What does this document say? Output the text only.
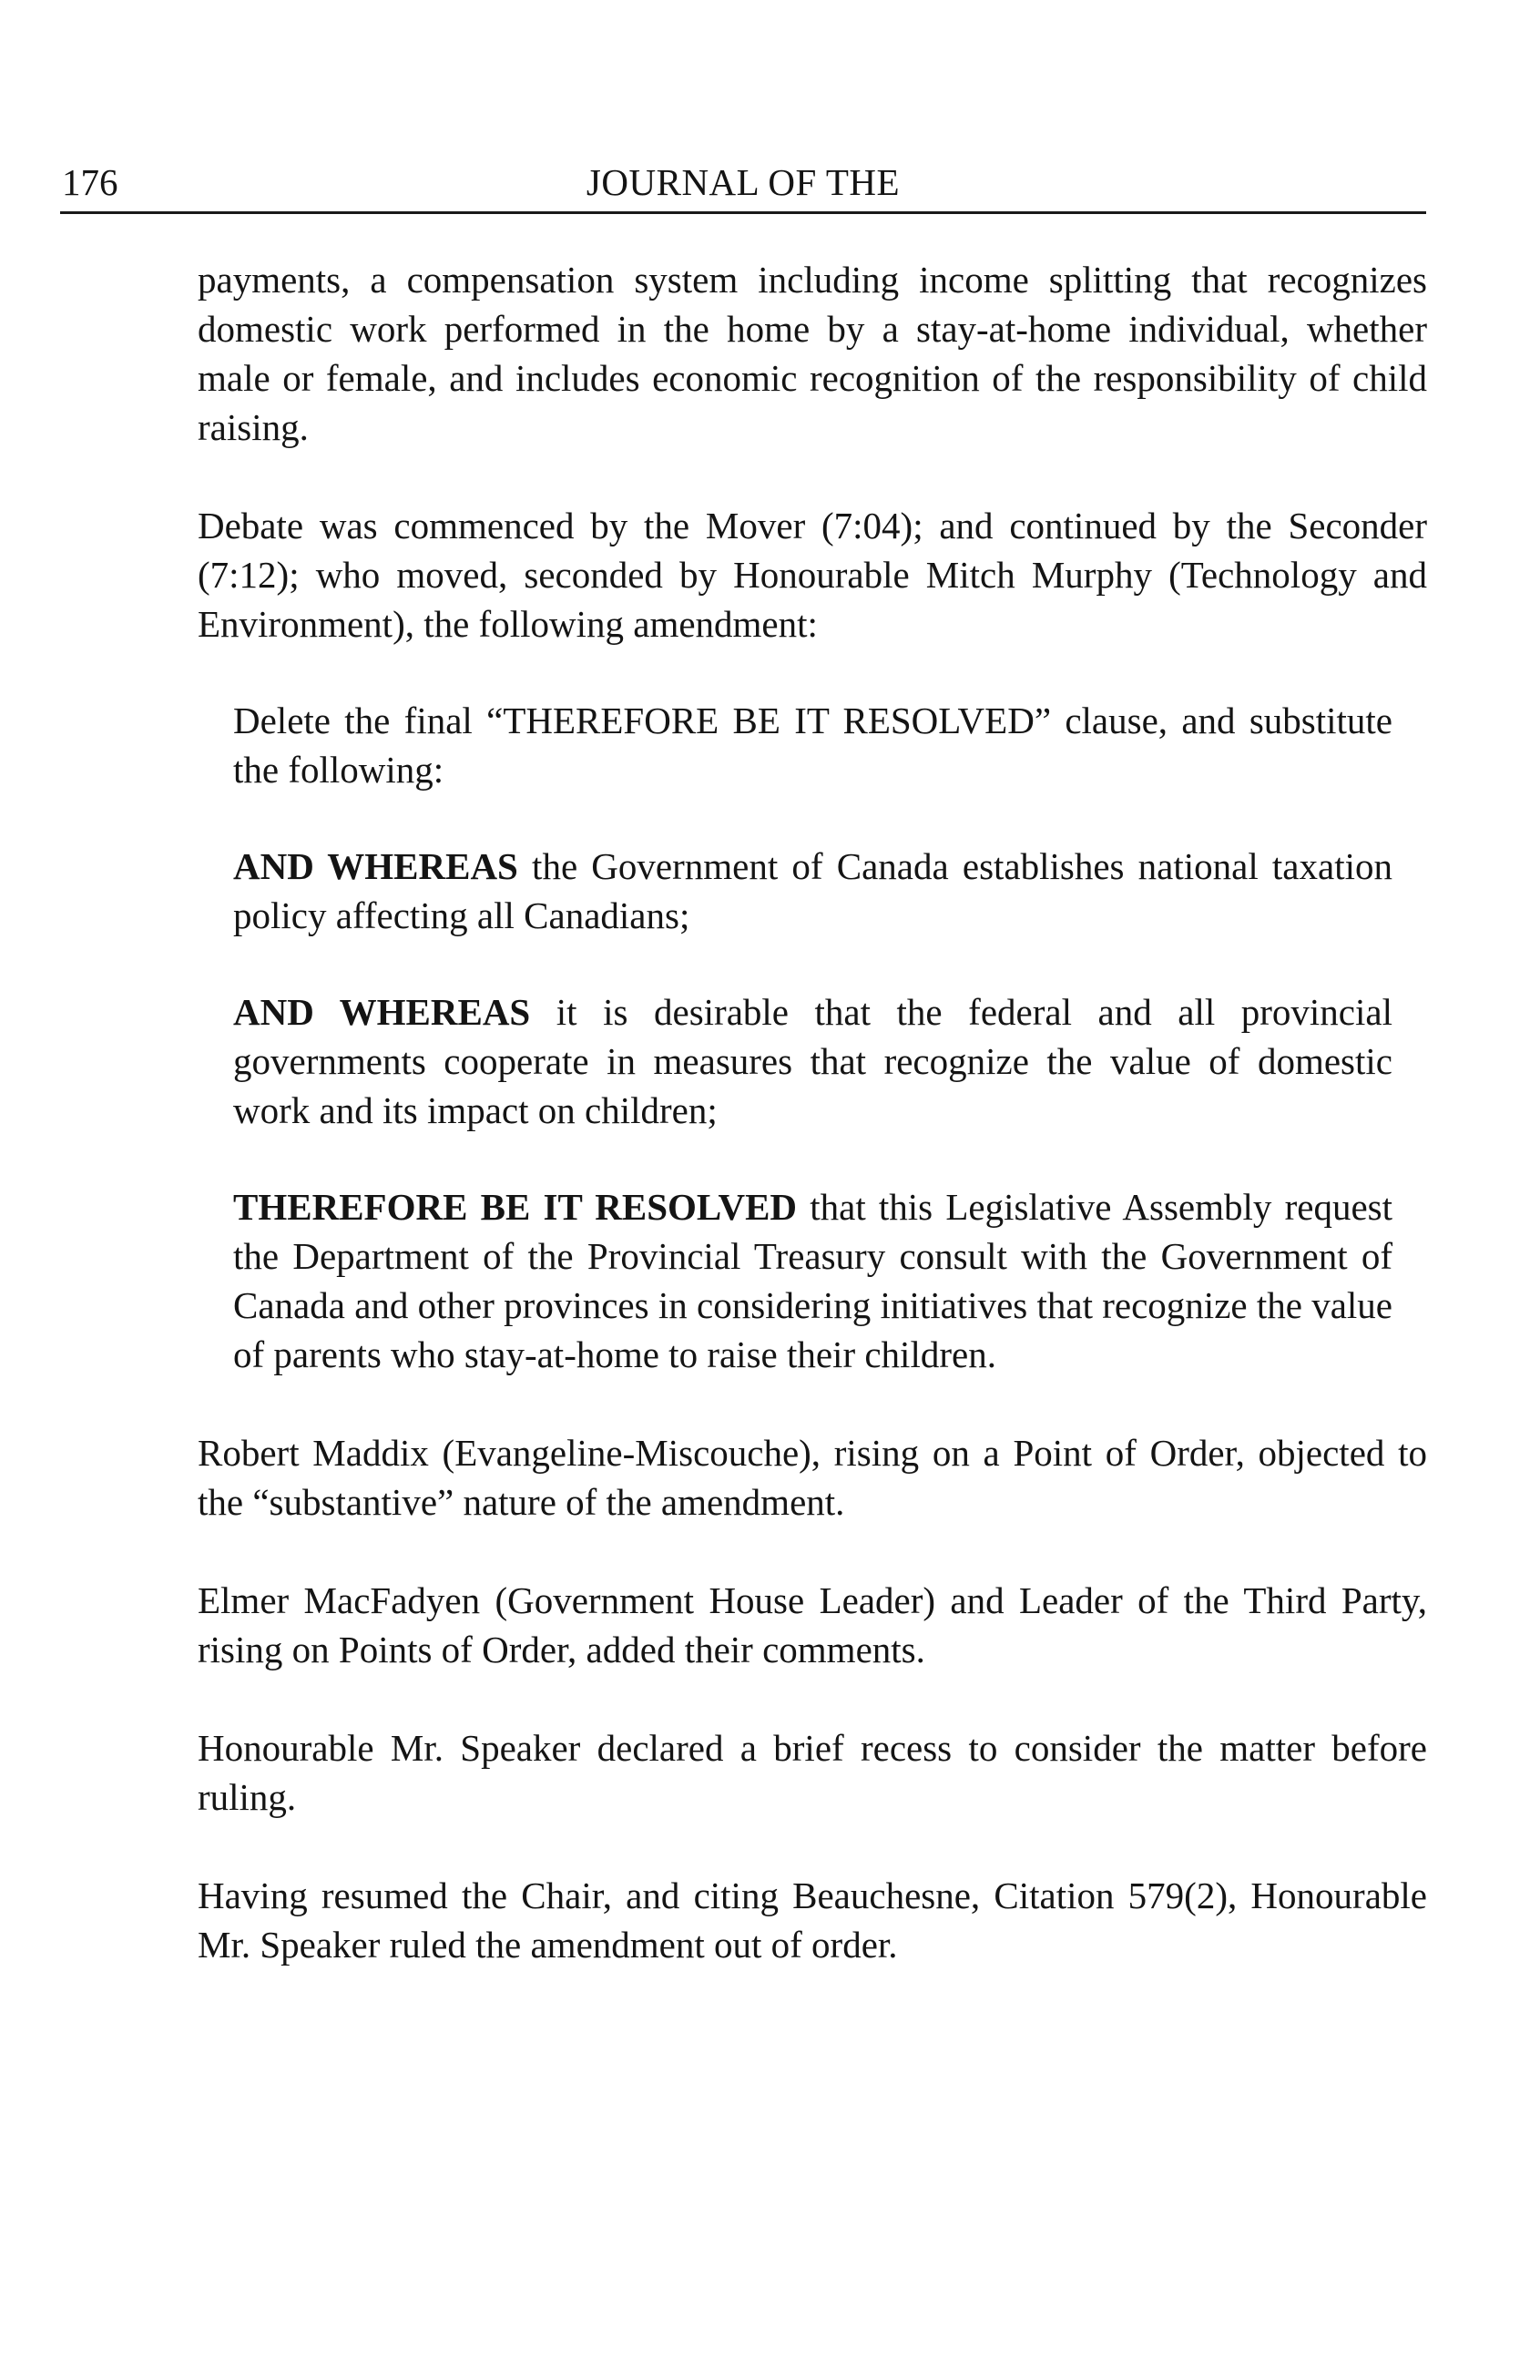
176	JOURNAL OF THE

payments, a compensation system including income splitting that recognizes domestic work performed in the home by a stay-at-home individual, whether male or female, and includes economic recognition of the responsibility of child raising.

Debate was commenced by the Mover (7:04); and continued by the Seconder (7:12); who moved, seconded by Honourable Mitch Murphy (Technology and Environment), the following amendment:

Delete the final “THEREFORE BE IT RESOLVED” clause, and substitute the following:

AND WHEREAS the Government of Canada establishes national taxation policy affecting all Canadians;

AND WHEREAS it is desirable that the federal and all provincial governments cooperate in measures that recognize the value of domestic work and its impact on children;

THEREFORE BE IT RESOLVED that this Legislative Assembly request the Department of the Provincial Treasury consult with the Government of Canada and other provinces in considering initiatives that recognize the value of parents who stay-at-home to raise their children.

Robert Maddix (Evangeline-Miscouche), rising on a Point of Order, objected to the “substantive” nature of the amendment.

Elmer MacFadyen (Government House Leader) and Leader of the Third Party, rising on Points of Order, added their comments.

Honourable Mr. Speaker declared a brief recess to consider the matter before ruling.

Having resumed the Chair, and citing Beauchesne, Citation 579(2), Honourable Mr. Speaker ruled the amendment out of order.
